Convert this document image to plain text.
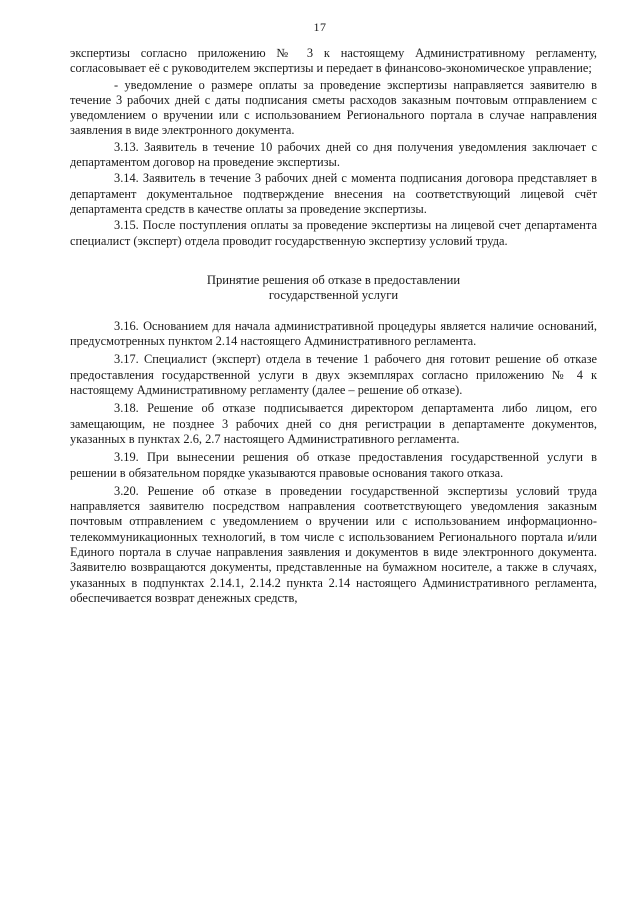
17

экспертизы согласно приложению № 3 к настоящему Административному регламенту, согласовывает её с руководителем экспертизы и передает в финансово-экономическое управление;

- уведомление о размере оплаты за проведение экспертизы направляется заявителю в течение 3 рабочих дней с даты подписания сметы расходов заказным почтовым отправлением с уведомлением о вручении или с использованием Регионального портала в случае направления заявления в виде электронного документа.

3.13. Заявитель в течение 10 рабочих дней со дня получения уведомления заключает с департаментом договор на проведение экспертизы.

3.14. Заявитель в течение 3 рабочих дней с момента подписания договора представляет в департамент документальное подтверждение внесения на соответствующий лицевой счёт департамента средств в качестве оплаты за проведение экспертизы.

3.15. После поступления оплаты за проведение экспертизы на лицевой счет департамента специалист (эксперт) отдела проводит государственную экспертизу условий труда.

Принятие решения об отказе в предоставлении
государственной услуги

3.16. Основанием для начала административной процедуры является наличие оснований, предусмотренных пунктом 2.14 настоящего Административного регламента.

3.17. Специалист (эксперт) отдела в течение 1 рабочего дня готовит решение об отказе предоставления государственной услуги в двух экземплярах согласно приложению № 4 к настоящему Административному регламенту (далее – решение об отказе).

3.18. Решение об отказе подписывается директором департамента либо лицом, его замещающим, не позднее 3 рабочих дней со дня регистрации в департаменте документов, указанных в пунктах 2.6, 2.7 настоящего Административного регламента.

3.19. При вынесении решения об отказе предоставления государственной услуги в решении в обязательном порядке указываются правовые основания такого отказа.

3.20. Решение об отказе в проведении государственной экспертизы условий труда направляется заявителю посредством направления соответствующего уведомления заказным почтовым отправлением с уведомлением о вручении или с использованием информационно-телекоммуникационных технологий, в том числе с использованием Регионального портала и/или Единого портала в случае направления заявления и документов в виде электронного документа. Заявителю возвращаются документы, представленные на бумажном носителе, а также в случаях, указанных в подпунктах 2.14.1, 2.14.2 пункта 2.14 настоящего Административного регламента, обеспечивается возврат денежных средств,
